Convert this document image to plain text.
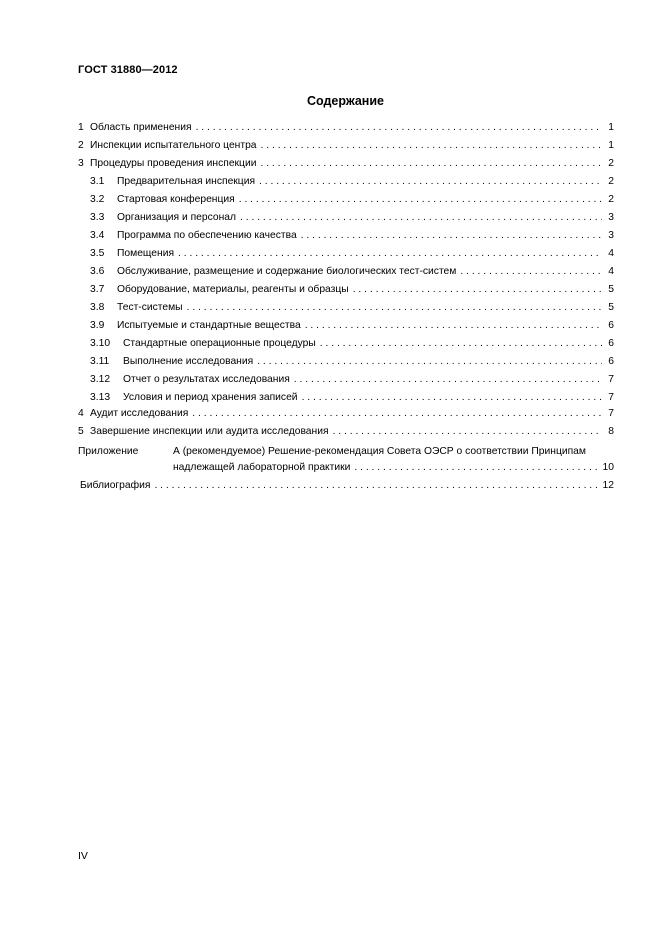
ГОСТ 31880—2012
Содержание
Приложение	А (рекомендуемое) Решение-рекомендация Совета ОЭСР о соответствии Принципам
надлежащей лабораторной практики . . .	10
Библиография . . .	12
1 Область применения . . .	1
2 Инспекции испытательного центра . . .	1
3 Процедуры проведения инспекции . . .	2
3.1	Предварительная инспекция . . .	2
3.2	Стартовая конференция . . .	2
3.3	Организация и персонал . . .	3
3.4	Программа по обеспечению качества . . .	3
3.5	Помещения . . .	4
3.6	Обслуживание, размещение и содержание биологических тест-систем . . .	4
3.7	Оборудование, материалы, реагенты и образцы . . .	5
3.8	Тест-системы . . .	5
3.9	Испытуемые и стандартные вещества . . .	6
3.10	Стандартные операционные процедуры . . .	6
3.11	Выполнение исследования . . .	6
3.12	Отчет о результатах исследования . . .	7
3.13	Условия и период хранения записей . . .	7
4 Аудит исследования . . .	7
5 Завершение инспекции или аудита исследования . . .	8
IV
